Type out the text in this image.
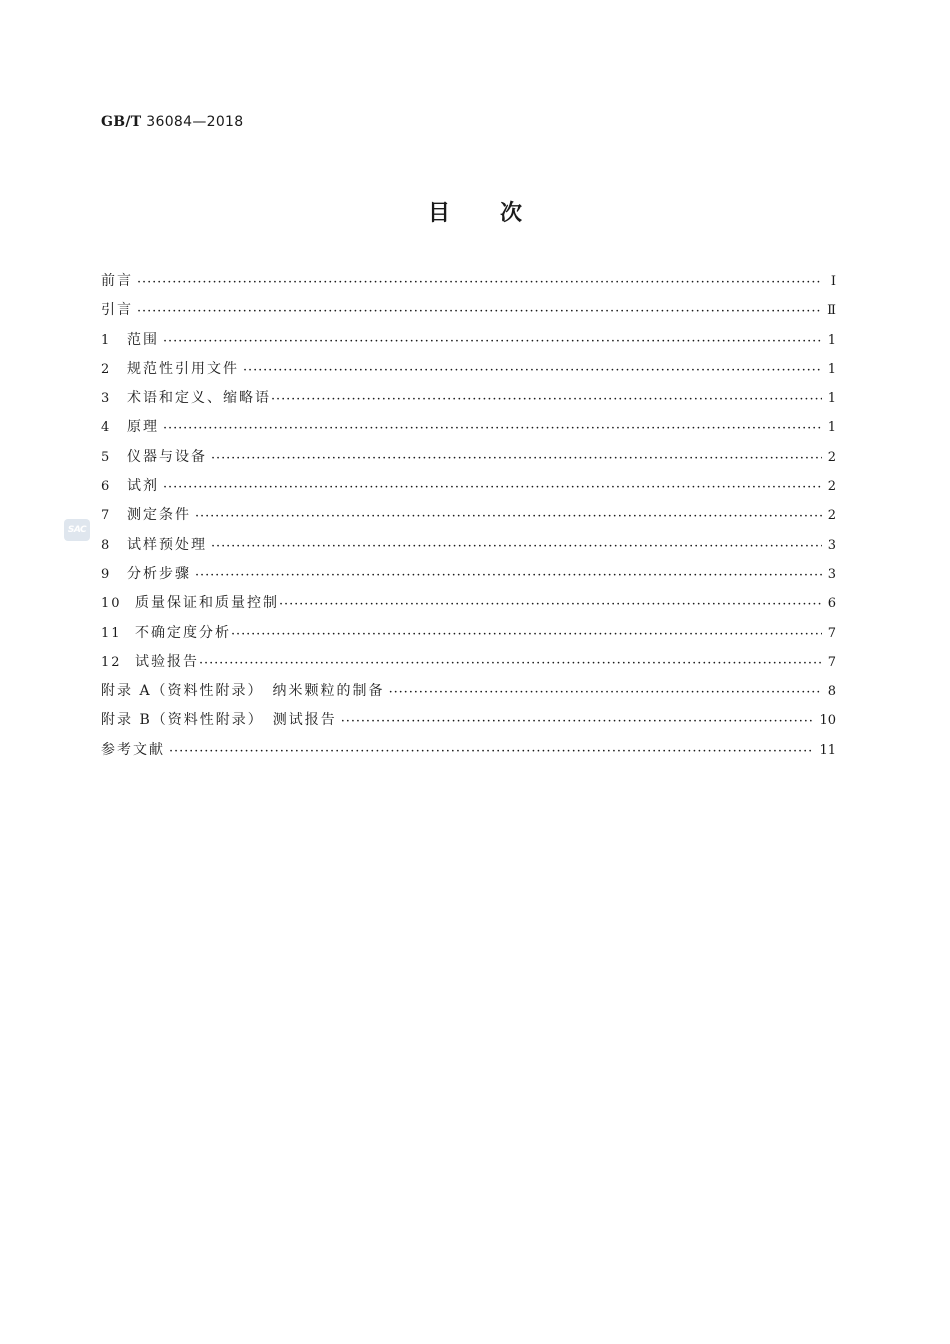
GB/T 36084—2018
目次
SAC
前言 ·····	Ⅰ
引言 ·····	Ⅱ
1	范围 ·····	1
2	规范性引用文件 ·····	1
3	术语和定义、缩略语 ·····	1
4	原理 ·····	1
5	仪器与设备 ·····	2
6	试剂 ·····	2
7	测定条件 ·····	2
8	试样预处理 ·····	3
9	分析步骤 ·····	3
10 质量保证和质量控制 ·····	6
11 不确定度分析 ·····	7
12 试验报告 ·····	7
附录 A（资料性附录）　纳米颗粒的制备 ·····	8
附录 B（资料性附录）　测试报告 ·····	10
参考文献 ·····	11
